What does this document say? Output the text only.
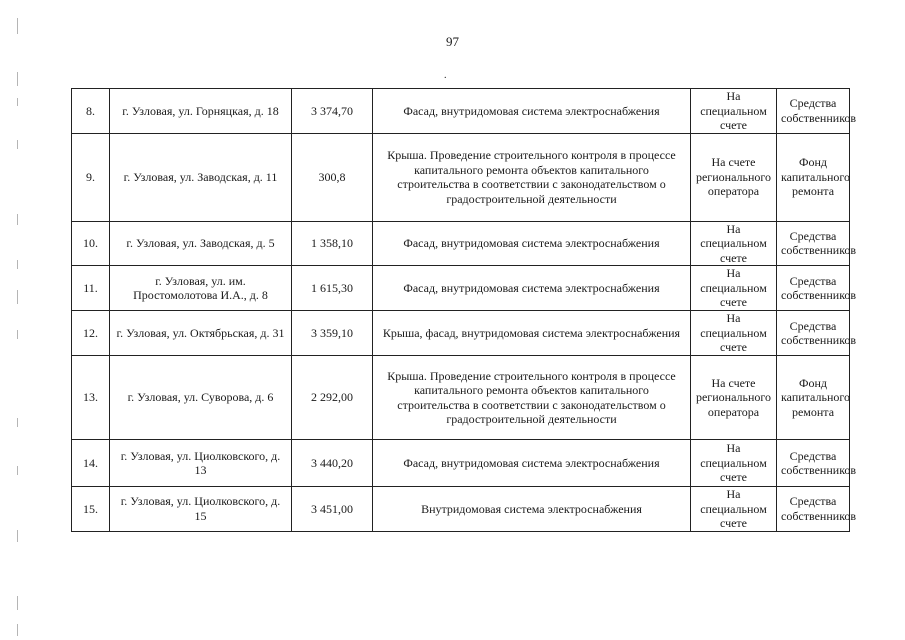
97
.
8.	г. Узловая, ул. Горняцкая, д. 18	3 374,70	Фасад, внутридомовая система электроснабжения	На специальном счете	Средства собственников
9.	г. Узловая, ул. Заводская, д. 11	300,8	Крыша. Проведение строительного контроля в процессе капитального ремонта объектов капитального строительства в соответствии с законодательством о градостроительной деятельности	На счете регионального оператора	Фонд капитального ремонта
10.	г. Узловая, ул. Заводская, д. 5	1 358,10	Фасад, внутридомовая система электроснабжения	На специальном счете	Средства собственников
11.	г. Узловая, ул. им. Простомолотова И.А., д. 8	1 615,30	Фасад, внутридомовая система электроснабжения	На специальном счете	Средства собственников
12.	г. Узловая, ул. Октябрьская, д. 31	3 359,10	Крыша, фасад, внутридомовая система электроснабжения	На специальном счете	Средства собственников
13.	г. Узловая, ул. Суворова, д. 6	2 292,00	Крыша. Проведение строительного контроля в процессе капитального ремонта объектов капитального строительства в соответствии с законодательством о градостроительной деятельности	На счете регионального оператора	Фонд капитального ремонта
14.	г. Узловая, ул. Циолковского, д. 13	3 440,20	Фасад, внутридомовая система электроснабжения	На специальном счете	Средства собственников
15.	г. Узловая, ул. Циолковского, д. 15	3 451,00	Внутридомовая система электроснабжения	На специальном счете	Средства собственников
